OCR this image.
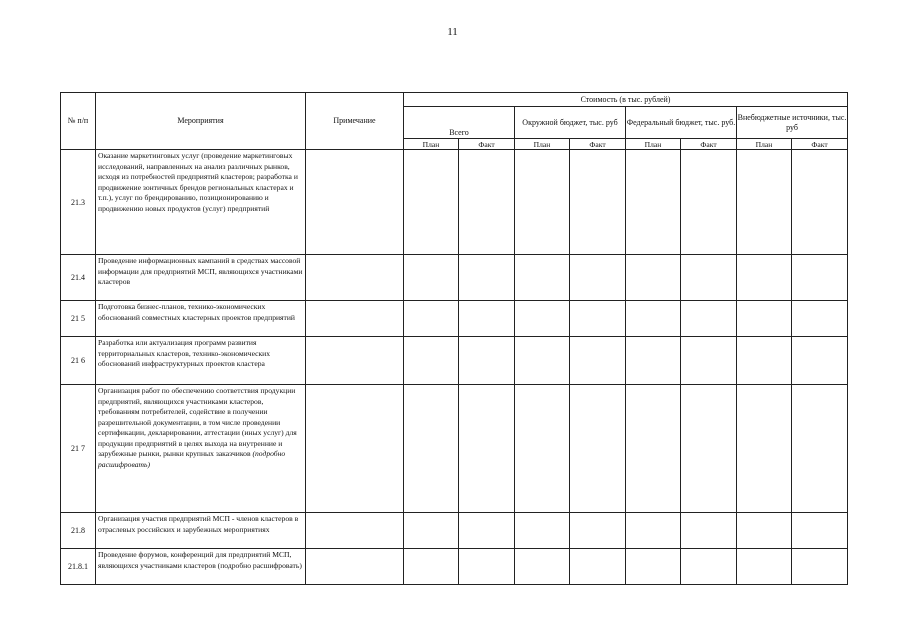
11
№ п/п	Мероприятия	Примечание	Стоимость (в тыс. рублей)							
			Всего		Окружной бюджет, тыс. руб		Федеральный бюджет, тыс. руб.		Внебюджетные источники, тыс. руб	
			План	Факт	План	Факт	План	Факт	План	Факт
21.3	Оказание маркетинговых услуг (проведение маркетинговых исследований, направленных на анализ различных рынков, исходя из потребностей предприятий кластеров; разработка и продвижение зонтичных брендов региональных кластерах и т.п.), услуг по брендированию, позиционированию и продвижению новых продуктов (услуг) предприятий									
21.4	Проведение информационных кампаний в средствах массовой информации для предприятий МСП, являющихся участниками кластеров									
21 5	Подготовка бизнес-планов, технико-экономических обоснований совместных кластерных проектов предприятий									
21 6	Разработка или актуализация программ развития территориальных кластеров, технико-экономических обоснований инфраструктурных проектов кластера									
21 7	Организация работ по обеспечению соответствия продукции предприятий, являющихся участниками кластеров, требованиям потребителей, содействие в получении разрешительной документации, в том числе проведении сертификации, декларировании, аттестации (иных услуг) для продукции предприятий в целях выхода на внутренние и зарубежные рынки, рынки крупных заказчиков (подробно расшифровать)									
21.8	Организация участия предприятий МСП - членов кластеров в отраслевых российских и зарубежных мероприятиях									
21.8.1	Проведение форумов, конференций для предприятий МСП, являющихся участниками кластеров (подробно расшифровать)									
